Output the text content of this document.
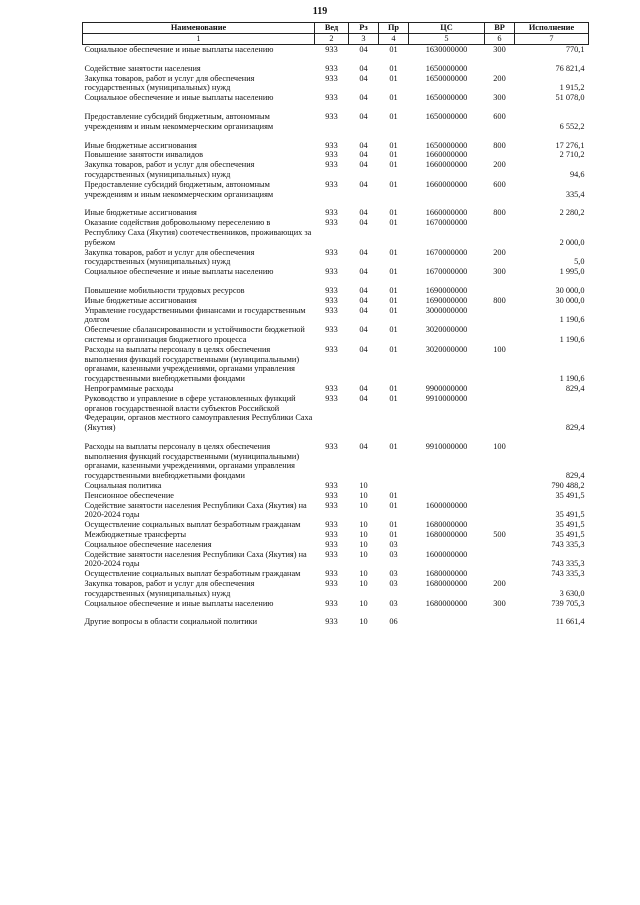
119
Наименование	Вед	Рз	Пр	ЦС	ВР	Исполнение
1	2	3	4	5	6	7
Социальное обеспечение и иные выплаты населению	933	04	01	1630000000	300	770,1

Содействие занятости населения	933	04	01	1650000000		76 821,4
Закупка товаров, работ и услуг для обеспечения государственных (муниципальных) нужд	933	04	01	1650000000	200	1 915,2
Социальное обеспечение и иные выплаты населению	933	04	01	1650000000	300	51 078,0

Предоставление субсидий бюджетным, автономным учреждениям и иным некоммерческим организациям	933	04	01	1650000000	600	6 552,2

Иные бюджетные ассигнования	933	04	01	1650000000	800	17 276,1
Повышение занятости инвалидов	933	04	01	1660000000		2 710,2
Закупка товаров, работ и услуг для обеспечения государственных (муниципальных) нужд	933	04	01	1660000000	200	94,6
Предоставление субсидий бюджетным, автономным учреждениям и иным некоммерческим организациям	933	04	01	1660000000	600	335,4

Иные бюджетные ассигнования	933	04	01	1660000000	800	2 280,2
Оказание содействия добровольному переселению в Республику Саха (Якутия) соотечественников, проживающих за рубежом	933	04	01	1670000000		2 000,0
Закупка товаров, работ и услуг для обеспечения государственных (муниципальных) нужд	933	04	01	1670000000	200	5,0
Социальное обеспечение и иные выплаты населению	933	04	01	1670000000	300	1 995,0

Повышение мобильности трудовых ресурсов	933	04	01	1690000000		30 000,0
Иные бюджетные ассигнования	933	04	01	1690000000	800	30 000,0
Управление государственными финансами и государственным долгом	933	04	01	3000000000		1 190,6
Обеспечение сбалансированности и устойчивости бюджетной системы и организация бюджетного процесса	933	04	01	3020000000		1 190,6
Расходы на выплаты персоналу в целях обеспечения выполнения функций государственными (муниципальными) органами, казенными учреждениями, органами управления государственными внебюджетными фондами	933	04	01	3020000000	100	1 190,6
Непрограммные расходы	933	04	01	9900000000		829,4
Руководство и управление в сфере установленных функций органов государственной власти субъектов Российской Федерации, органов местного самоуправления Республики Саха (Якутия)	933	04	01	9910000000		829,4

Расходы на выплаты персоналу в целях обеспечения выполнения функций государственными (муниципальными) органами, казенными учреждениями, органами управления государственными внебюджетными фондами	933	04	01	9910000000	100	829,4
Социальная политика	933	10				790 488,2
Пенсионное обеспечение	933	10	01			35 491,5
Содействие занятости населения Республики Саха (Якутия) на 2020-2024 годы	933	10	01	1600000000		35 491,5
Осуществление социальных выплат безработным гражданам	933	10	01	1680000000		35 491,5
Межбюджетные трансферты	933	10	01	1680000000	500	35 491,5
Социальное обеспечение населения	933	10	03			743 335,3
Содействие занятости населения Республики Саха (Якутия) на 2020-2024 годы	933	10	03	1600000000		743 335,3
Осуществление социальных выплат безработным гражданам	933	10	03	1680000000		743 335,3
Закупка товаров, работ и услуг для обеспечения государственных (муниципальных) нужд	933	10	03	1680000000	200	3 630,0
Социальное обеспечение и иные выплаты населению	933	10	03	1680000000	300	739 705,3

Другие вопросы в области социальной политики	933	10	06			11 661,4
